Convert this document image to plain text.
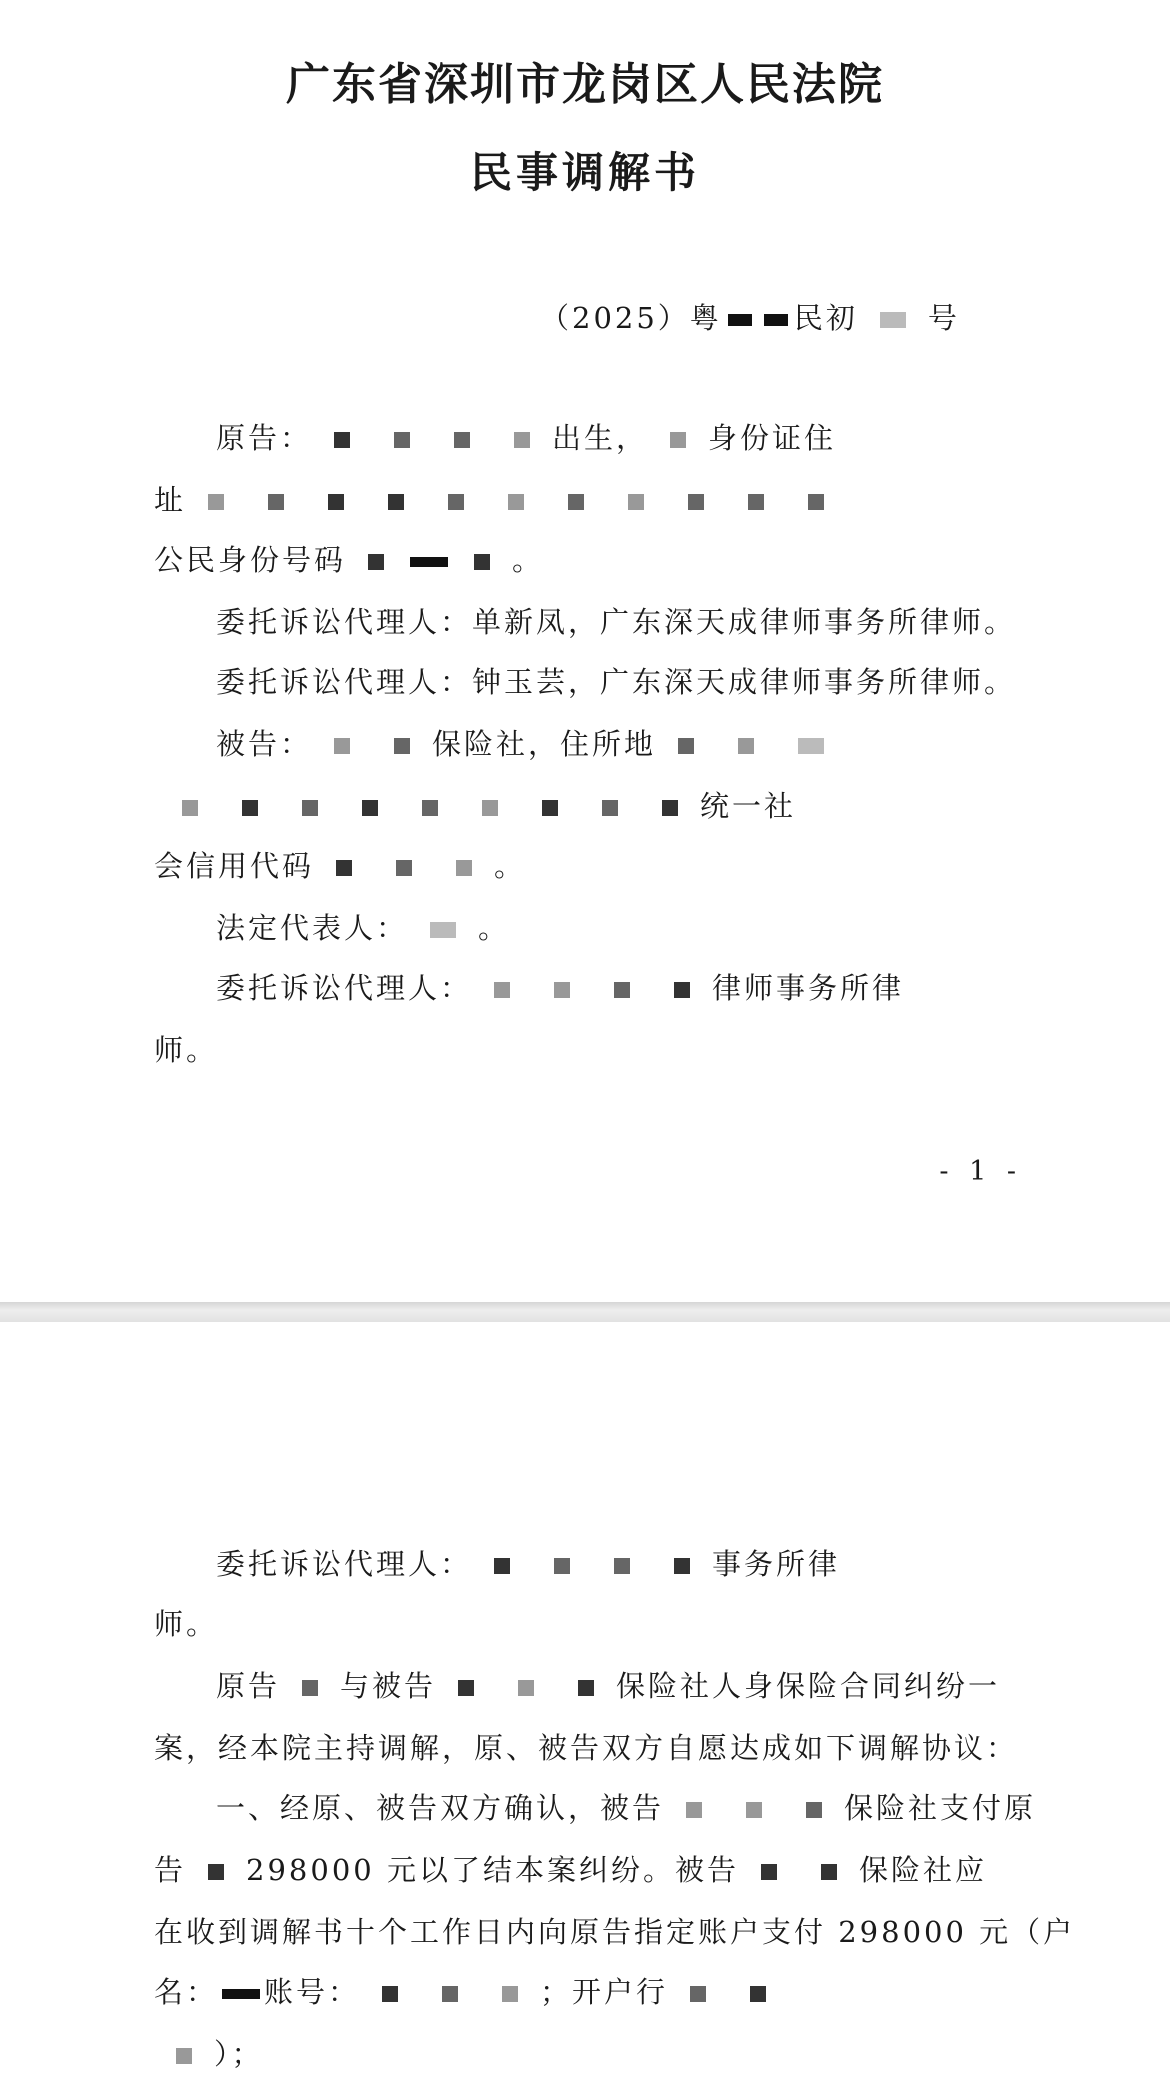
广东省深圳市龙岗区人民法院
民事调解书
（2025）粤 民初 号
原告：	出生， 身份证住
址
公民身份号码	。
委托诉讼代理人：单新凤，广东深天成律师事务所律师。
委托诉讼代理人：钟玉芸，广东深天成律师事务所律师。
被告：	保险社，住所地
统一社
会信用代码	。
法定代表人： 。
委托诉讼代理人：	律师事务所律
师。
- 1 -
委托诉讼代理人：	事务所律
师。
原告 与被告	保险社人身保险合同纠纷一
案，经本院主持调解，原、被告双方自愿达成如下调解协议：
一、经原、被告双方确认，被告	保险社支付原
告 298000 元以了结本案纠纷。被告	保险社应
在收到调解书十个工作日内向原告指定账户支付 298000 元（户
名： 账号：	；开户行
）；
